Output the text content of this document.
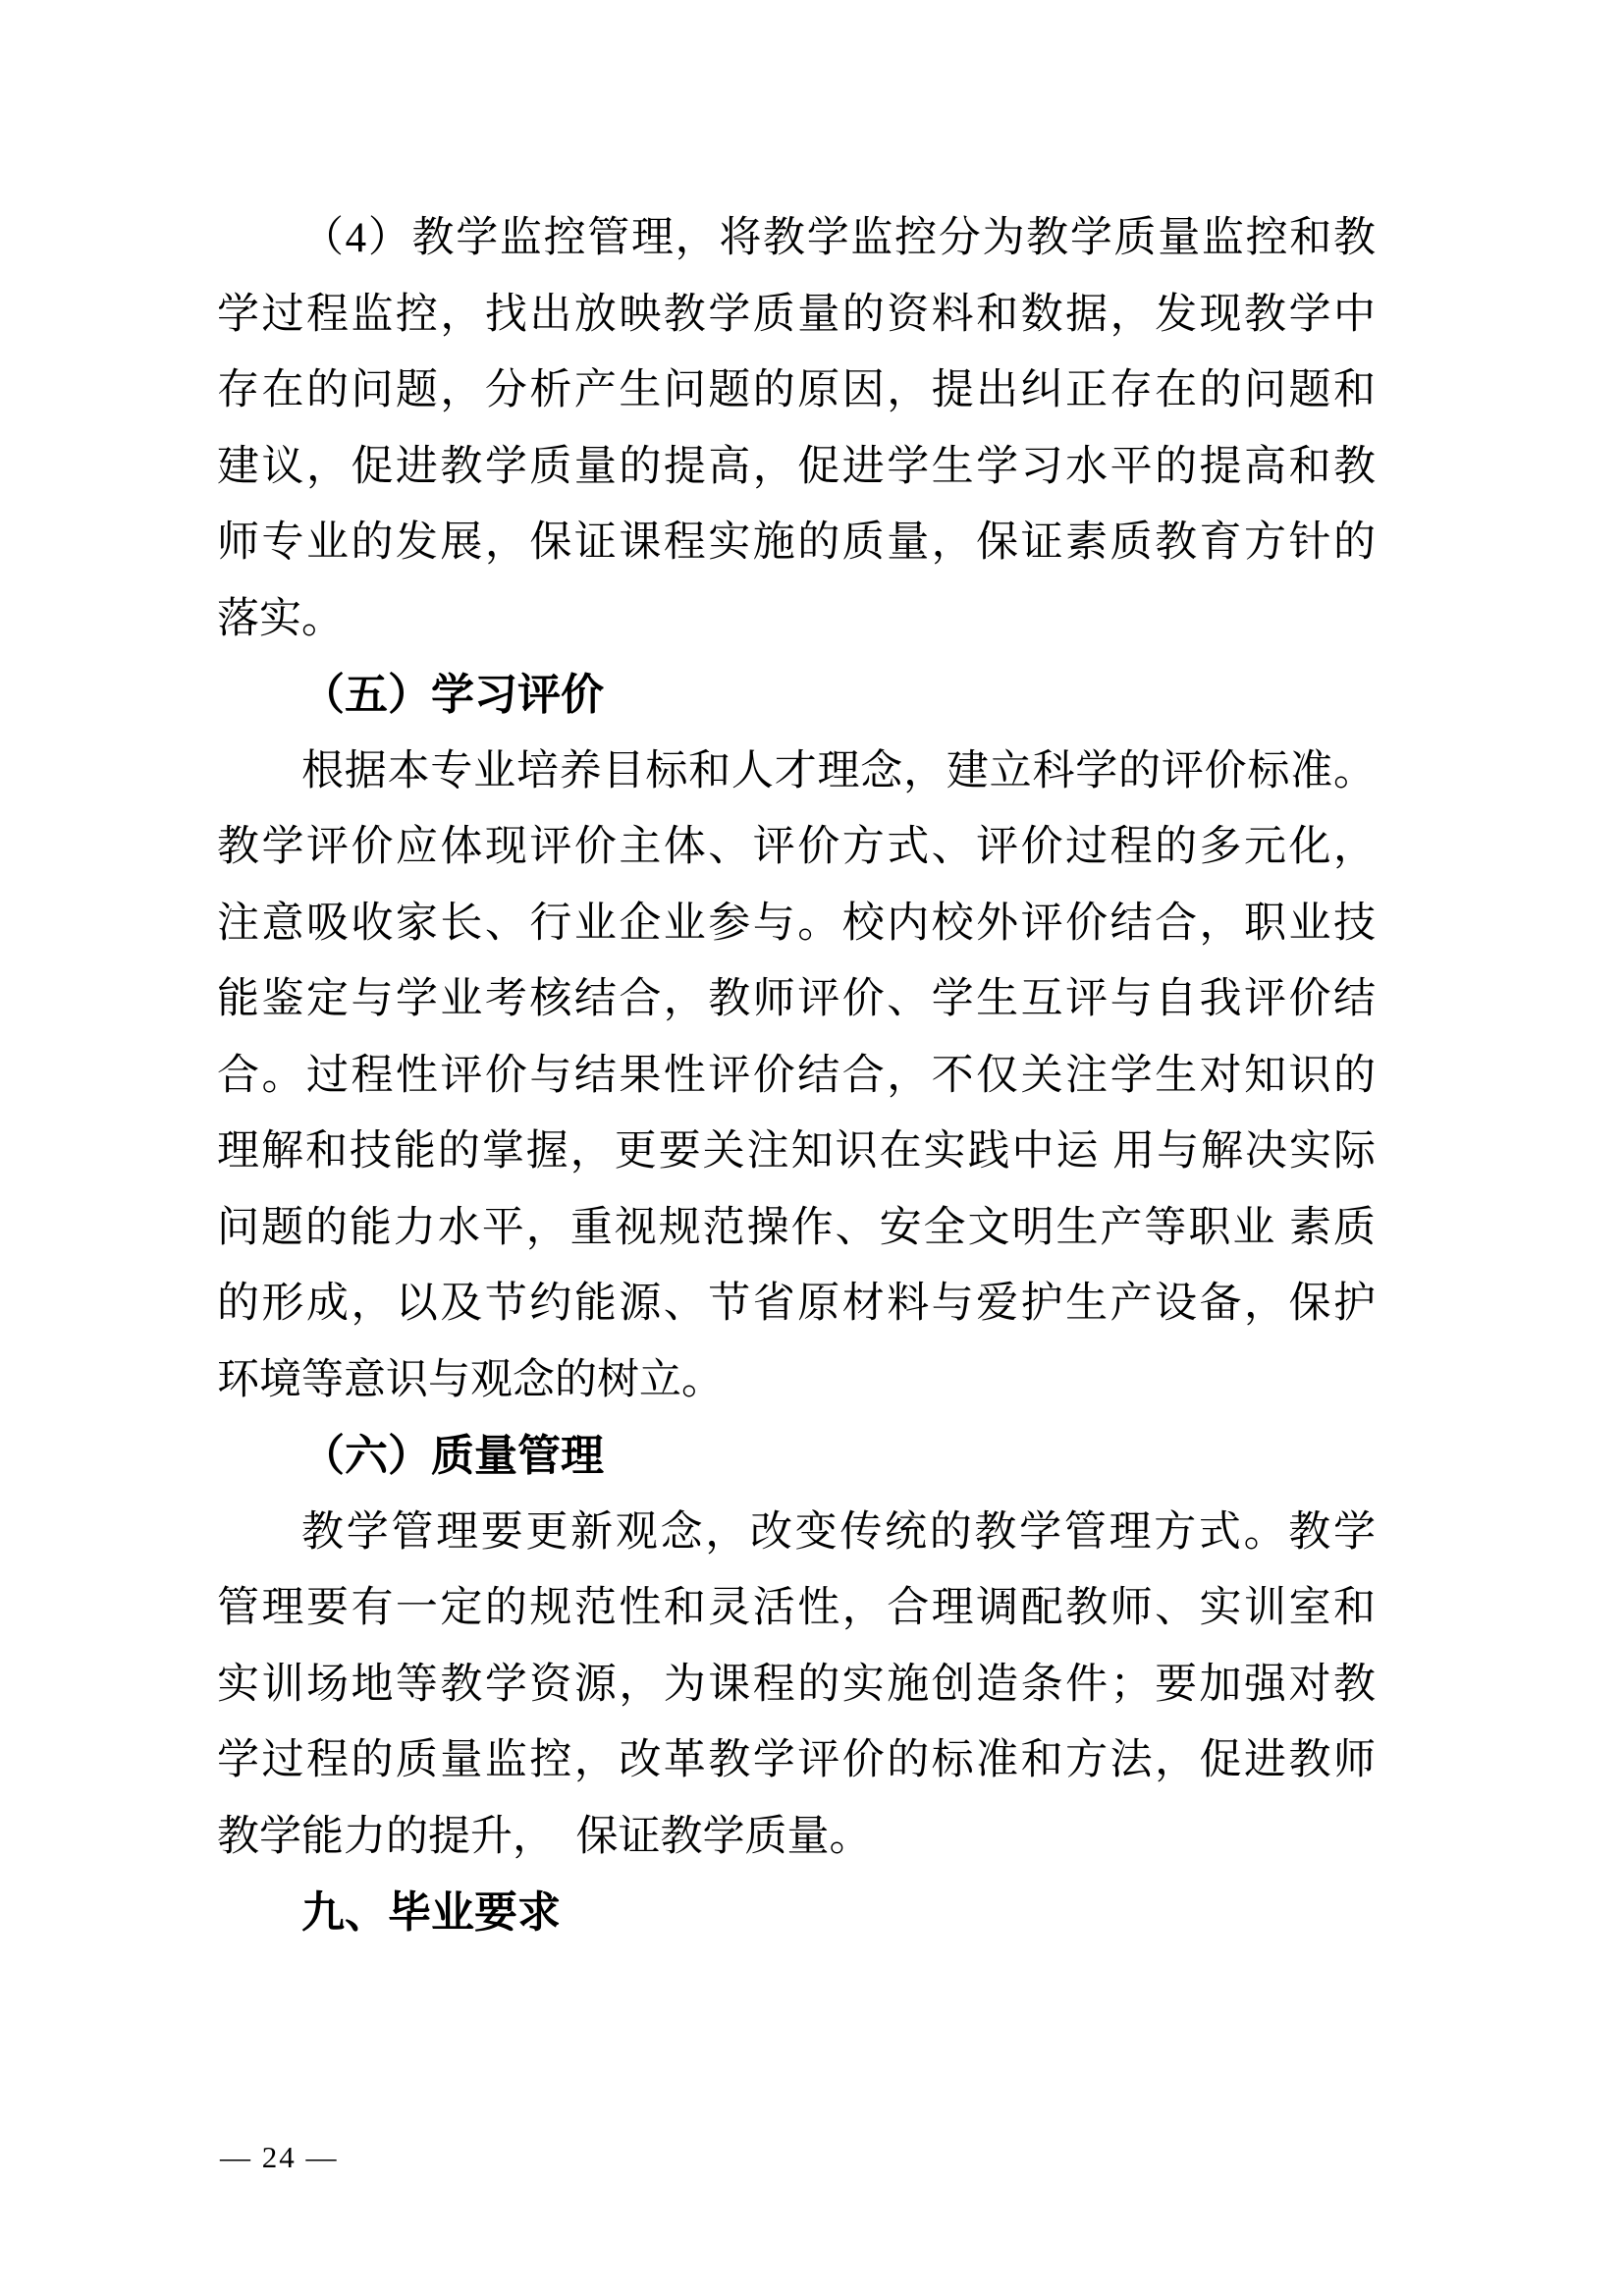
（4）教学监控管理，将教学监控分为教学质量监控和教
学过程监控，找出放映教学质量的资料和数据，发现教学中
存在的问题，分析产生问题的原因，提出纠正存在的问题和
建议，促进教学质量的提高，促进学生学习水平的提高和教
师专业的发展，保证课程实施的质量，保证素质教育方针的
落实。
（五）学习评价
根据本专业培养目标和人才理念，建立科学的评价标准。
教学评价应体现评价主体、评价方式、评价过程的多元化，
注意吸收家长、行业企业参与。校内校外评价结合，职业技
能鉴定与学业考核结合，教师评价、学生互评与自我评价结
合。过程性评价与结果性评价结合，不仅关注学生对知识的
理解和技能的掌握，更要关注知识在实践中运 用与解决实际
问题的能力水平，重视规范操作、安全文明生产等职业 素质
的形成，以及节约能源、节省原材料与爱护生产设备，保护
环境等意识与观念的树立。
（六）质量管理
教学管理要更新观念，改变传统的教学管理方式。教学
管理要有一定的规范性和灵活性，合理调配教师、实训室和
实训场地等教学资源，为课程的实施创造条件；要加强对教
学过程的质量监控，改革教学评价的标准和方法，促进教师
教学能力的提升，　保证教学质量。
九、毕业要求
— 24 —
